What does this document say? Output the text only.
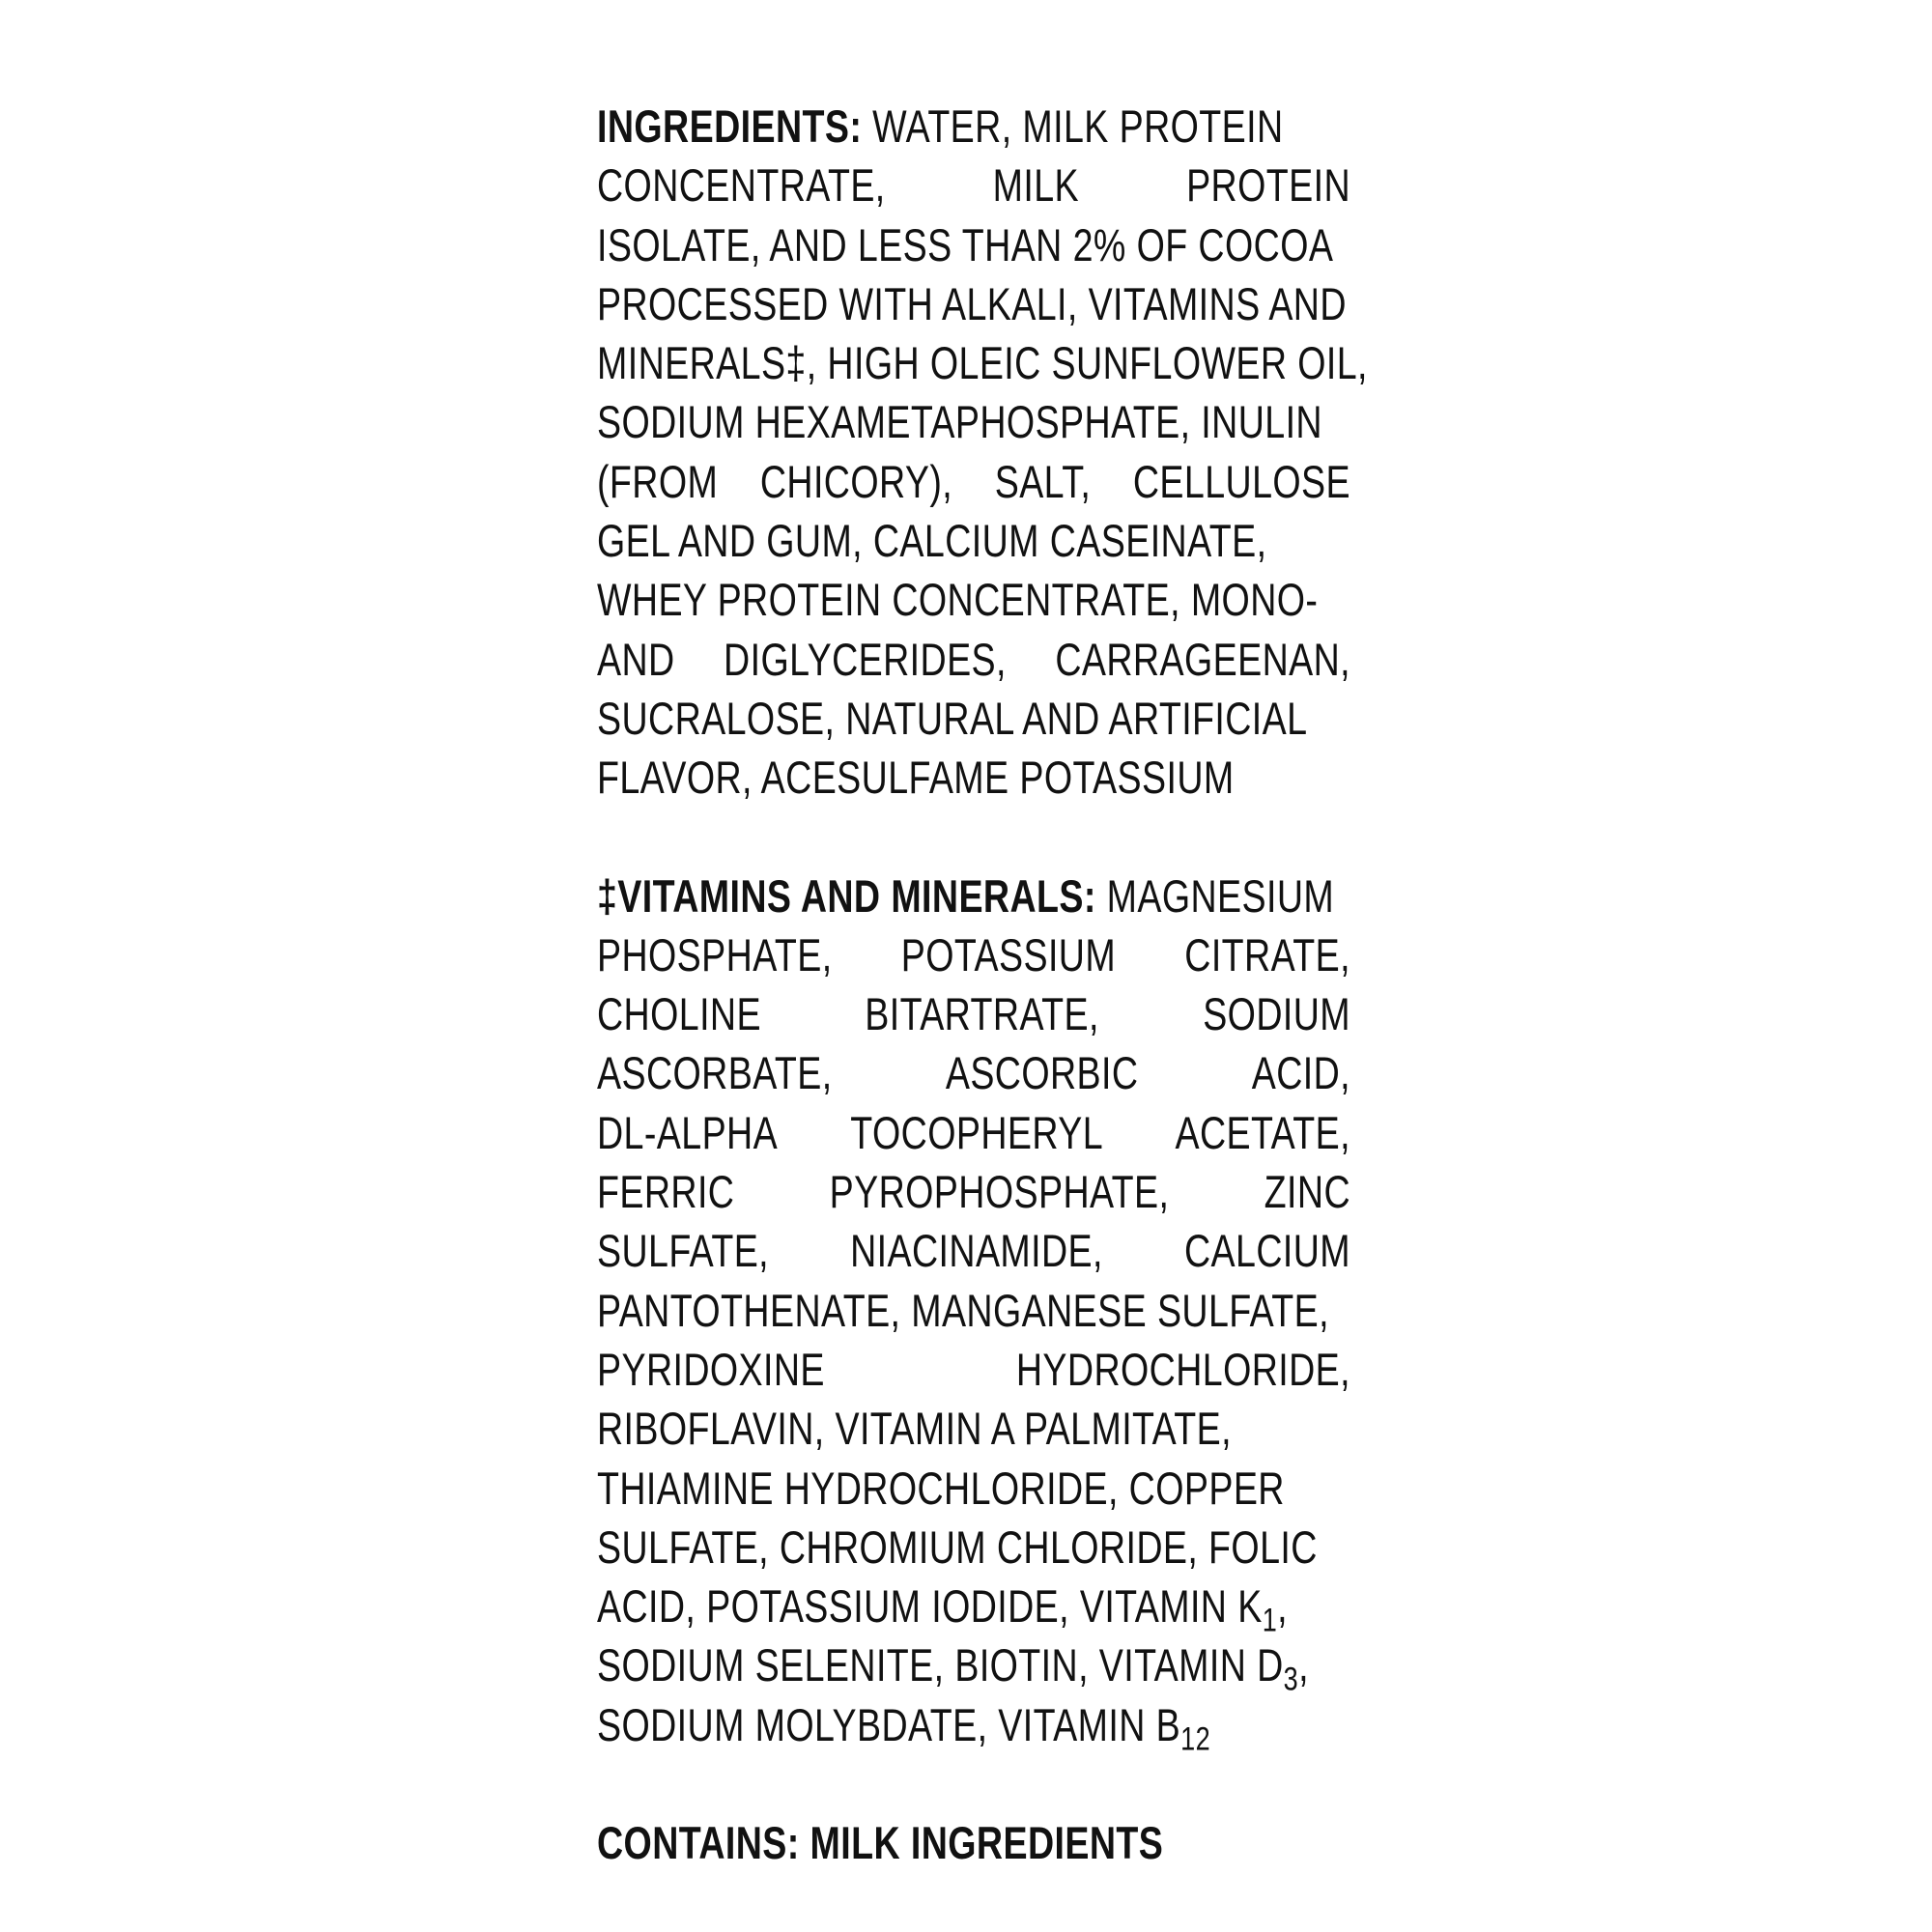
INGREDIENTS: WATER, MILK PROTEIN
CONCENTRATE, MILK PROTEIN
ISOLATE, AND LESS THAN 2% OF COCOA
PROCESSED WITH ALKALI, VITAMINS AND
MINERALS‡, HIGH OLEIC SUNFLOWER OIL,
SODIUM HEXAMETAPHOSPHATE, INULIN
(FROM CHICORY), SALT, CELLULOSE
GEL AND GUM, CALCIUM CASEINATE,
WHEY PROTEIN CONCENTRATE, MONO-
AND DIGLYCERIDES, CARRAGEENAN,
SUCRALOSE, NATURAL AND ARTIFICIAL
FLAVOR, ACESULFAME POTASSIUM
‡VITAMINS AND MINERALS: MAGNESIUM
PHOSPHATE, POTASSIUM CITRATE,
CHOLINE BITARTRATE, SODIUM
ASCORBATE, ASCORBIC ACID,
DL-ALPHA TOCOPHERYL ACETATE,
FERRIC PYROPHOSPHATE, ZINC
SULFATE, NIACINAMIDE, CALCIUM
PANTOTHENATE, MANGANESE SULFATE,
PYRIDOXINE HYDROCHLORIDE,
RIBOFLAVIN, VITAMIN A PALMITATE,
THIAMINE HYDROCHLORIDE, COPPER
SULFATE, CHROMIUM CHLORIDE, FOLIC
ACID, POTASSIUM IODIDE, VITAMIN $K_1$,
SODIUM SELENITE, BIOTIN, VITAMIN $D_3$,
SODIUM MOLYBDATE, VITAMIN $B_{12}$
CONTAINS: MILK INGREDIENTS
